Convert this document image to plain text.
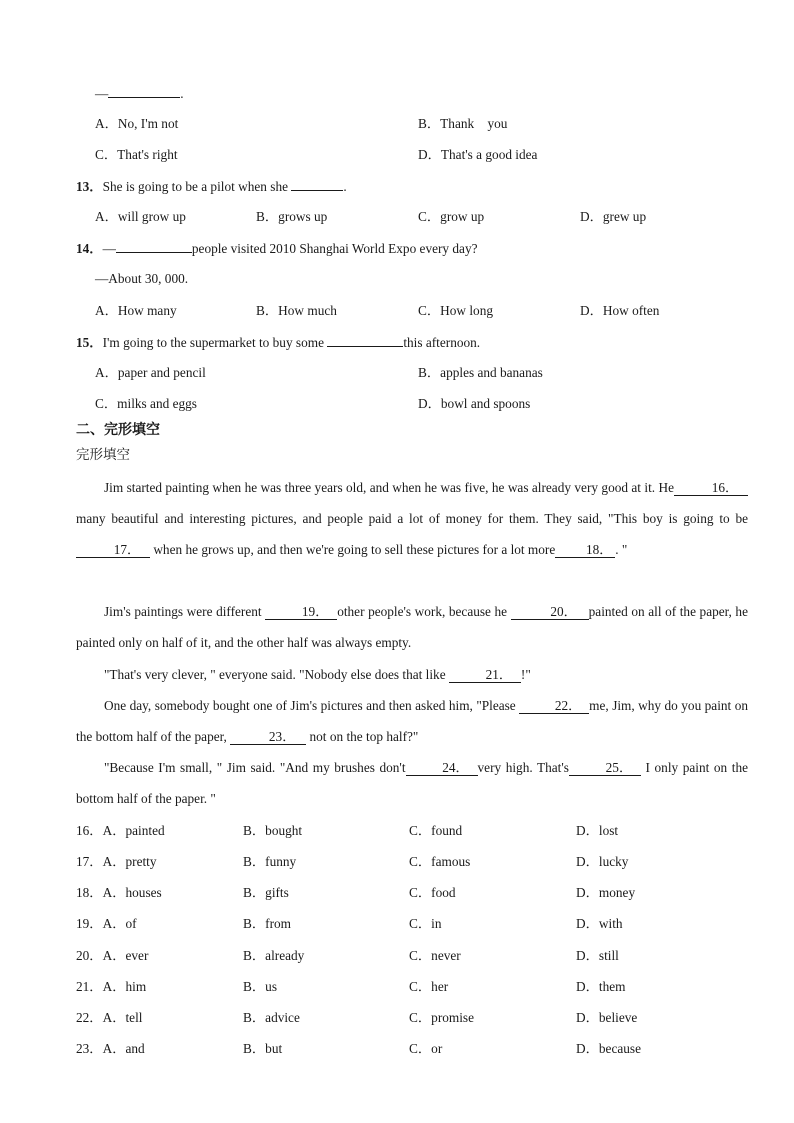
—	.
A．No, I'm not	B．Thank    you
C．That's right	D．That's a good idea
13．She is going to be a pilot when she	.
A．will grow up	B．grows up	C．grow up	D．grew up
14．—	people visited 2010 Shanghai World Expo every day?
—About 30, 000.
A．How many	B．How much	C．How long	D．How often
15．I'm going to the supermarket to buy some	this afternoon.
A．paper and pencil	B．apples and bananas
C．milks and eggs	D．bowl and spoons
二、完形填空
完形填空
Jim started painting when he was three years old, and when he was five, he was already very good at it. He	16． many beautiful and interesting pictures, and people paid a lot of money for them. They said, "This boy is going to be 17． when he grows up, and then we're going to sell these pictures for a lot more 18． . "
Jim's paintings were different	19． other people's work, because he	20． painted on all of the paper, he painted only on half of it, and the other half was always empty.
"That's very clever, " everyone said. "Nobody else does that like	21． !"
One day, somebody bought one of Jim's pictures and then asked him, "Please	22． me, Jim, why do you paint on the bottom half of the paper,	23． not on the top half?"
"Because I'm small, " Jim said. "And my brushes don't	24． very high. That's	25． I only paint on the bottom half of the paper. "
16．A．painted	B．bought	C．found	D．lost
17．A．pretty	B．funny	C．famous	D．lucky
18．A．houses	B．gifts	C．food	D．money
19．A．of	B．from	C．in	D．with
20．A．ever	B．already	C．never	D．still
21．A．him	B．us	C．her	D．them
22．A．tell	B．advice	C．promise	D．believe
23．A．and	B．but	C．or	D．because
